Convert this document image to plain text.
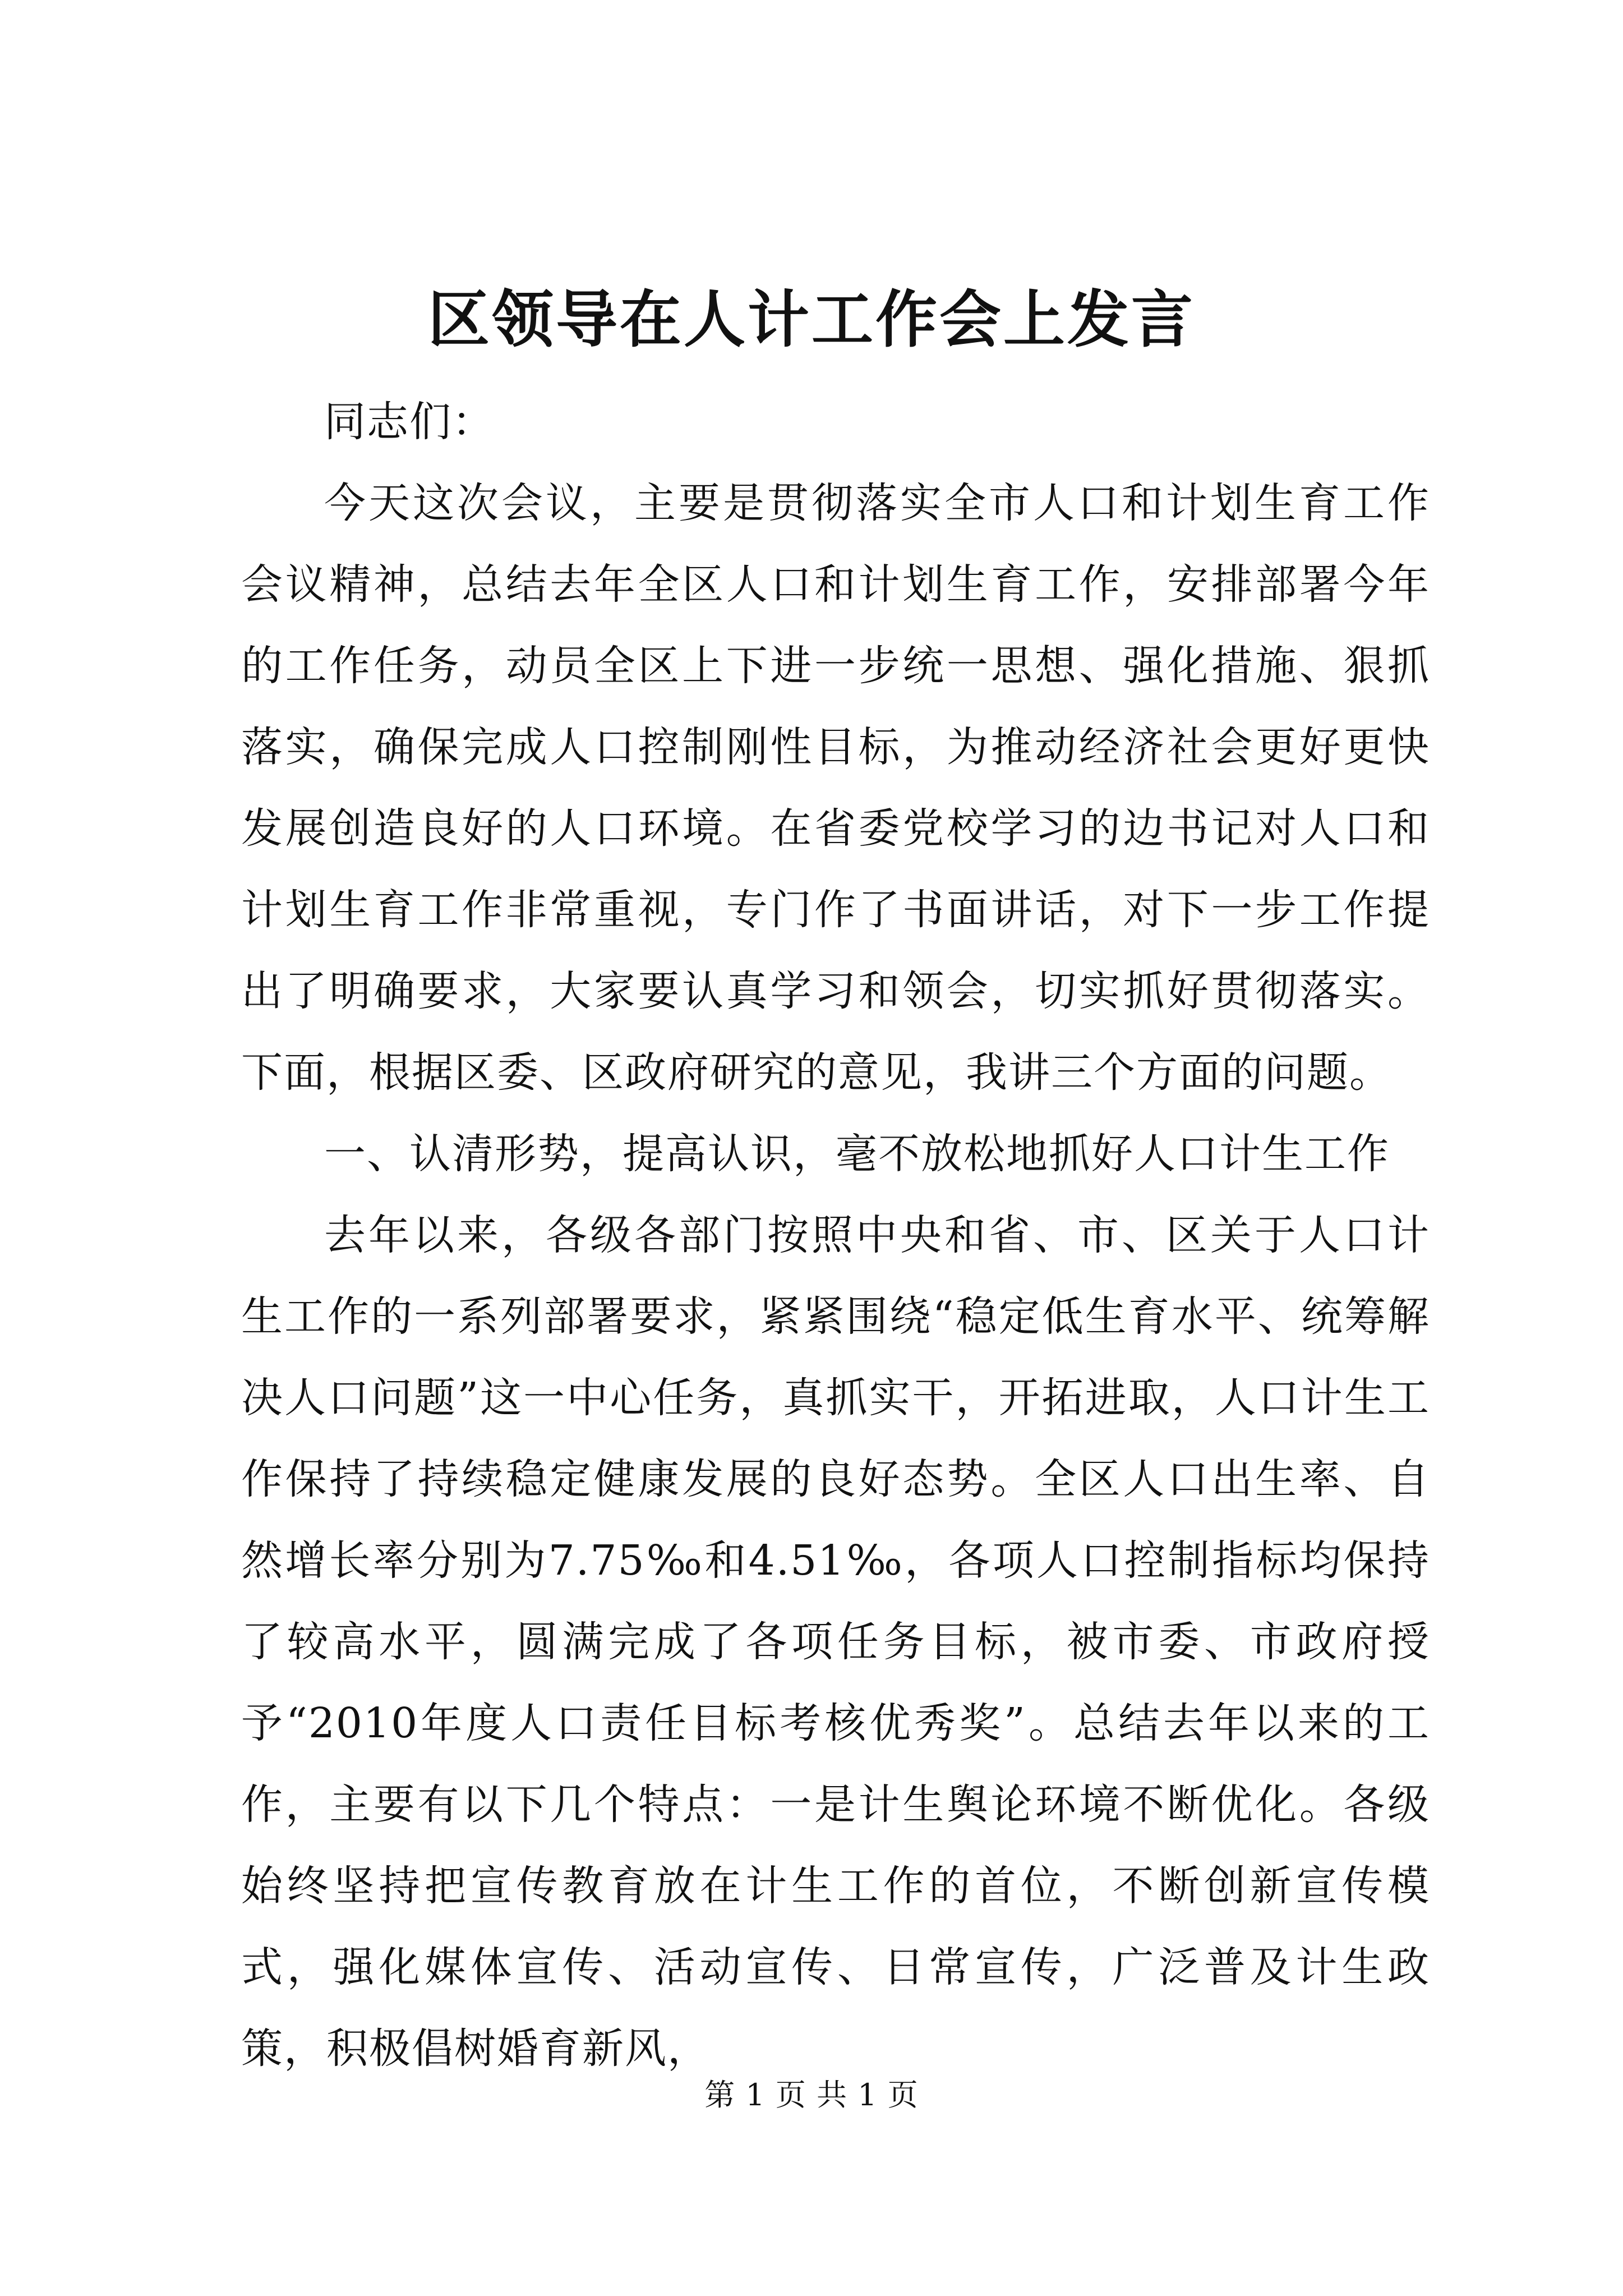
区领导在人计工作会上发言

同志们：

今天这次会议，主要是贯彻落实全市人口和计划生育工作会议精神，总结去年全区人口和计划生育工作，安排部署今年的工作任务，动员全区上下进一步统一思想、强化措施、狠抓落实，确保完成人口控制刚性目标，为推动经济社会更好更快发展创造良好的人口环境。在省委党校学习的边书记对人口和计划生育工作非常重视，专门作了书面讲话，对下一步工作提出了明确要求，大家要认真学习和领会，切实抓好贯彻落实。下面，根据区委、区政府研究的意见，我讲三个方面的问题。

一、认清形势，提高认识，毫不放松地抓好人口计生工作

去年以来，各级各部门按照中央和省、市、区关于人口计生工作的一系列部署要求，紧紧围绕“稳定低生育水平、统筹解决人口问题”这一中心任务，真抓实干，开拓进取，人口计生工作保持了持续稳定健康发展的良好态势。全区人口出生率、自然增长率分别为7.75‰和4.51‰，各项人口控制指标均保持了较高水平，圆满完成了各项任务目标，被市委、市政府授予“2010年度人口责任目标考核优秀奖”。总结去年以来的工作，主要有以下几个特点：一是计生舆论环境不断优化。各级始终坚持把宣传教育放在计生工作的首位，不断创新宣传模式，强化媒体宣传、活动宣传、日常宣传，广泛普及计生政策，积极倡树婚育新风，

第 1 页 共 1 页
